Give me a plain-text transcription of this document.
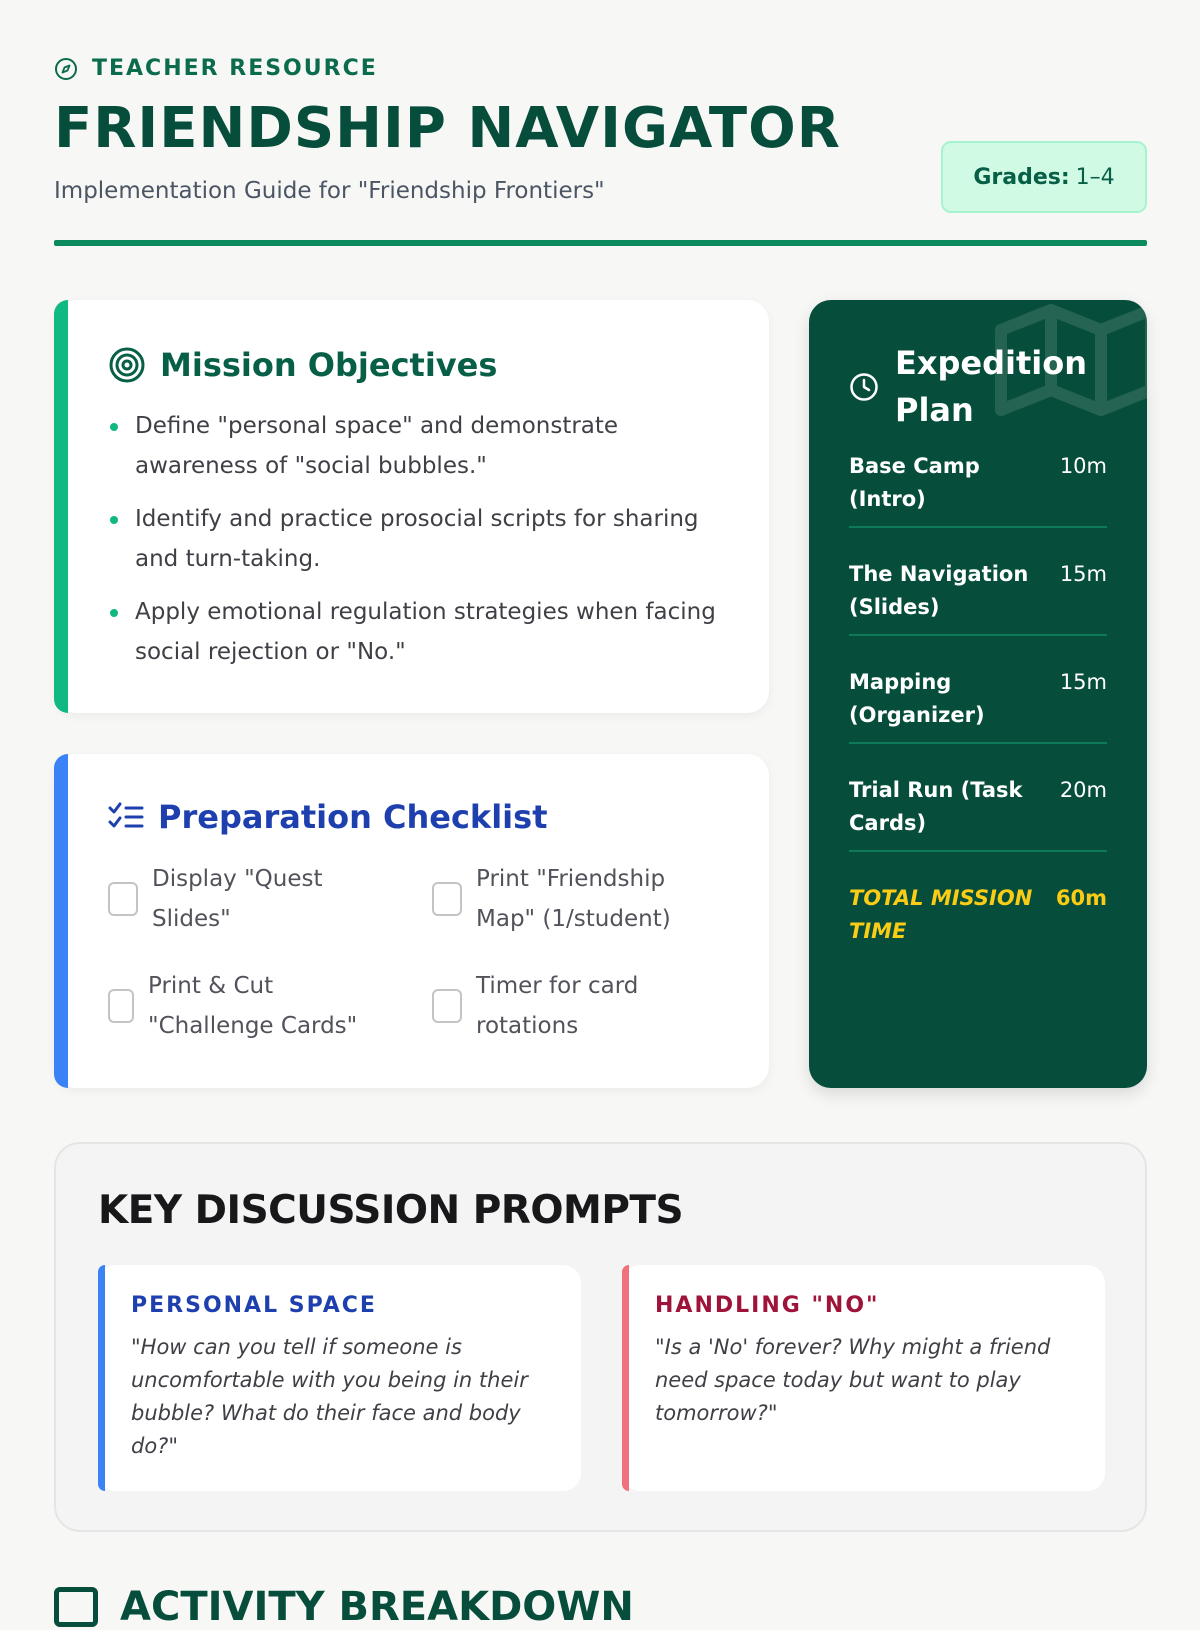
TEACHER RESOURCE
FRIENDSHIP NAVIGATOR
Implementation Guide for "Friendship Frontiers"
Grades: 1–4
Mission Objectives
Define "personal space" and demonstrate awareness of "social bubbles."
Identify and practice prosocial scripts for sharing and turn-taking.
Apply emotional regulation strategies when facing social rejection or "No."
Preparation Checklist
Display "Quest Slides"
Print "Friendship Map" (1/student)
Print & Cut "Challenge Cards"
Timer for card rotations
Expedition Plan
Base Camp (Intro)
10m
The Navigation (Slides)
15m
Mapping (Organizer)
15m
Trial Run (Task Cards)
20m
TOTAL MISSION TIME
60m
KEY DISCUSSION PROMPTS
PERSONAL SPACE

"How can you tell if someone is uncomfortable with you being in their bubble? What do their face and body do?"

HANDLING "NO"

"Is a 'No' forever? Why might a friend need space today but want to play tomorrow?"

ACTIVITY BREAKDOWN
